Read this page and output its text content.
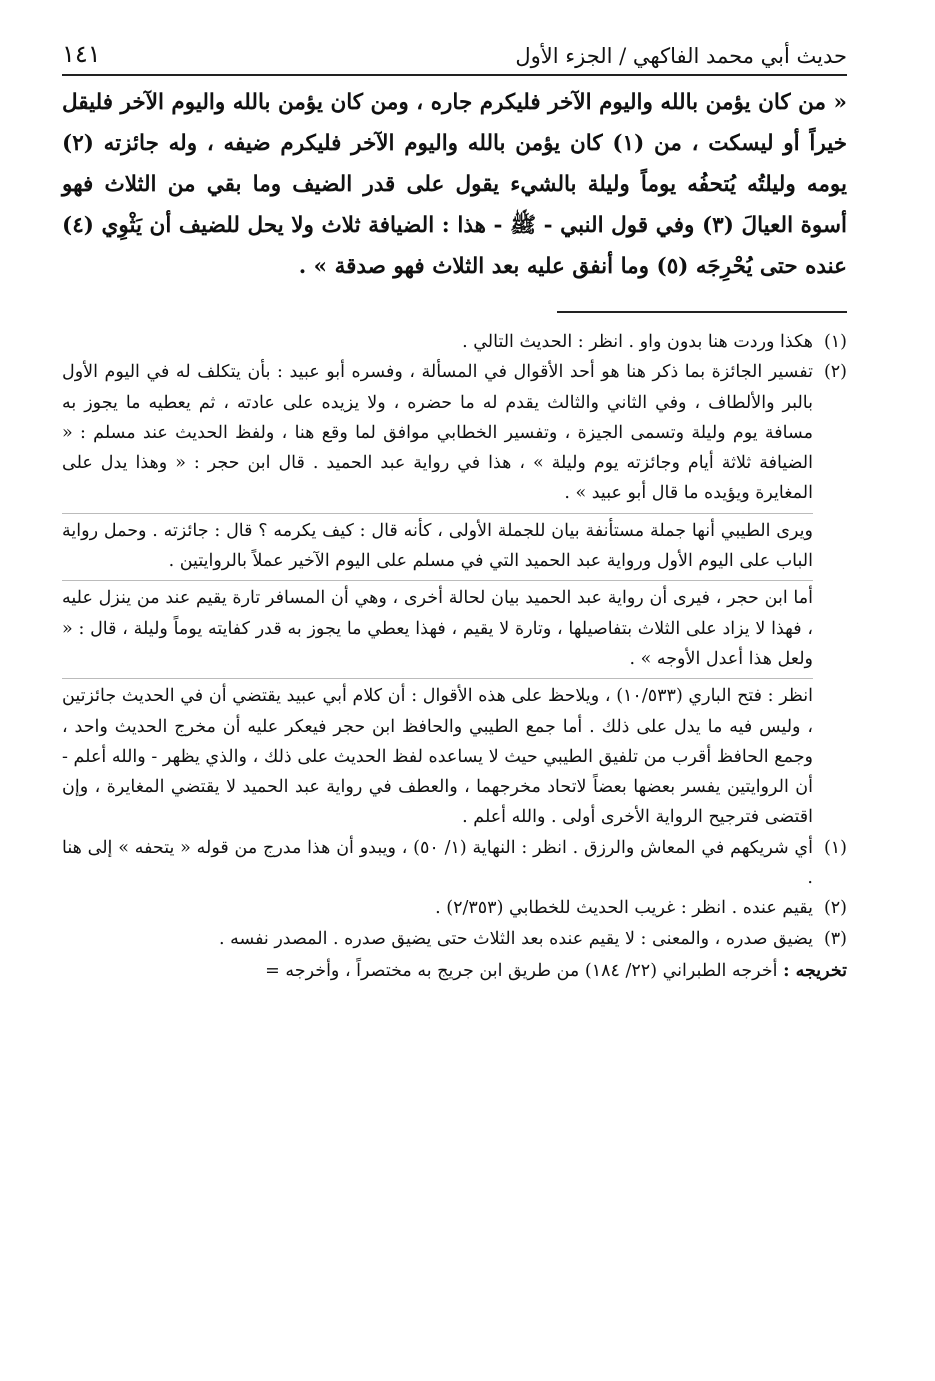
حديث أبي محمد الفاكهي / الجزء الأول
١٤١
« من كان يؤمن بالله واليوم الآخر فليكرم جاره ، ومن كان يؤمن بالله واليوم الآخر فليقل خيراً أو ليسكت ، من (١) كان يؤمن بالله واليوم الآخر فليكرم ضيفه ، وله جائزته (٢) يومه وليلتُه يُتحفُه يوماً وليلة بالشيء يقول على قدر الضيف وما بقي من الثلاث فهو أسوة العيالَ (٣) وفي قول النبي - ﷺ - هذا : الضيافة ثلاث ولا يحل للضيف أن يَثْوِي (٤) عنده حتى يُحْرِجَه (٥) وما أنفق عليه بعد الثلاث فهو صدقة » .
(١)
هكذا وردت هنا بدون واو . انظر : الحديث التالي .
(٢)
تفسير الجائزة بما ذكر هنا هو أحد الأقوال في المسألة ، وفسره أبو عبيد : بأن يتكلف له في اليوم الأول بالبر والألطاف ، وفي الثاني والثالث يقدم له ما حضره ، ولا يزيده على عادته ، ثم يعطيه ما يجوز به مسافة يوم وليلة وتسمى الجيزة ، وتفسير الخطابي موافق لما وقع هنا ، ولفظ الحديث عند مسلم : « الضيافة ثلاثة أيام وجائزته يوم وليلة » ، هذا في رواية عبد الحميد . قال ابن حجر : « وهذا يدل على المغايرة ويؤيده ما قال أبو عبيد » .
ويرى الطيبي أنها جملة مستأنفة بيان للجملة الأولى ، كأنه قال : كيف يكرمه ؟ قال : جائزته . وحمل رواية الباب على اليوم الأول ورواية عبد الحميد التي في مسلم على اليوم الآخير عملاً بالروايتين .
أما ابن حجر ، فيرى أن رواية عبد الحميد بيان لحالة أخرى ، وهي أن المسافر تارة يقيم عند من ينزل عليه ، فهذا لا يزاد على الثلاث بتفاصيلها ، وتارة لا يقيم ، فهذا يعطي ما يجوز به قدر كفايته يوماً وليلة ، قال : « ولعل هذا أعدل الأوجه » .
انظر : فتح الباري (١٠/٥٣٣) ، ويلاحظ على هذه الأقوال : أن كلام أبي عبيد يقتضي أن في الحديث جائزتين ، وليس فيه ما يدل على ذلك . أما جمع الطيبي والحافظ ابن حجر فيعكر عليه أن مخرج الحديث واحد ، وجمع الحافظ أقرب من تلفيق الطيبي حيث لا يساعده لفظ الحديث على ذلك ، والذي يظهر - والله أعلم - أن الروايتين يفسر بعضها بعضاً لاتحاد مخرجهما ، والعطف في رواية عبد الحميد لا يقتضي المغايرة ، وإن اقتضى فترجيح الرواية الأخرى أولى . والله أعلم .
(١)
أي شريكهم في المعاش والرزق . انظر : النهاية (١/ ٥٠) ، ويبدو أن هذا مدرج من قوله « يتحفه » إلى هنا .
(٢)
يقيم عنده . انظر : غريب الحديث للخطابي (٢/٣٥٣) .
(٣)
يضيق صدره ، والمعنى : لا يقيم عنده بعد الثلاث حتى يضيق صدره . المصدر نفسه .
تخريجه : أخرجه الطبراني (٢٢/ ١٨٤) من طريق ابن جريج به مختصراً ، وأخرجه =
